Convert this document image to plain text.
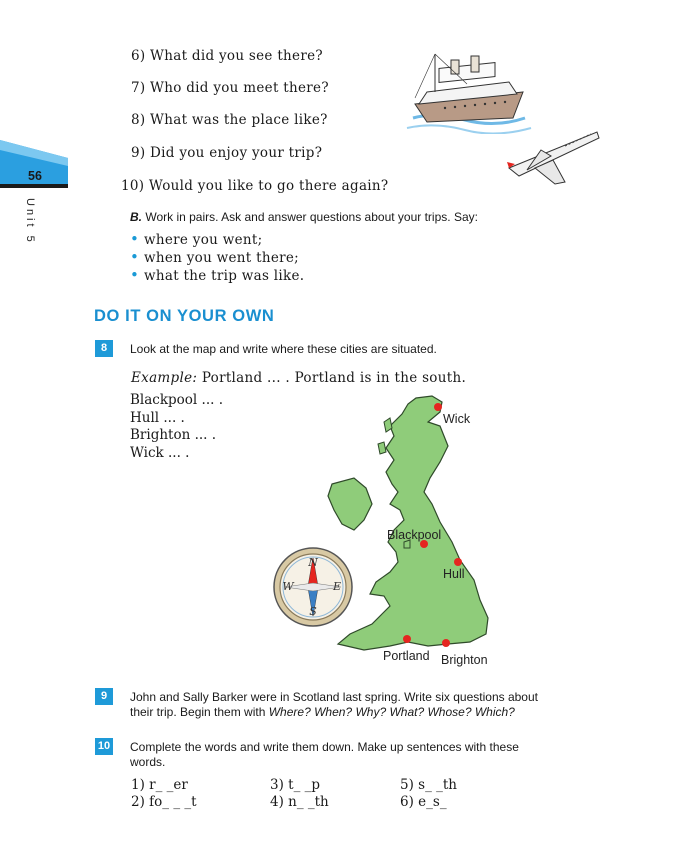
56
Unit 5
6) What did you see there?
7) Who did you meet there?
8) What was the place like?
9) Did you enjoy your trip?
10) Would you like to go there again?
B. Work in pairs. Ask and answer questions about your trips. Say:
• where you went;
• when you went there;
• what the trip was like.
DO IT ON YOUR OWN
8	Look at the map and write where these cities are situated.
Example: Portland ... . Portland is in the south.
Blackpool ... .
Hull ... .
Brighton ... .
Wick ... .
Wick
Blackpool
Hull
Portland Brighton
N
S
E
W
9	John and Sally Barker were in Scotland last spring. Write six questions about
their trip. Begin them with Where? When? Why? What? Whose? Which?
10 Complete the words and write them down. Make up sentences with these
words.
1) r_ _er
2) fo_ _ _t
3) t_ _p
4) n_ _th
5) s_ _th
6) e_s_
